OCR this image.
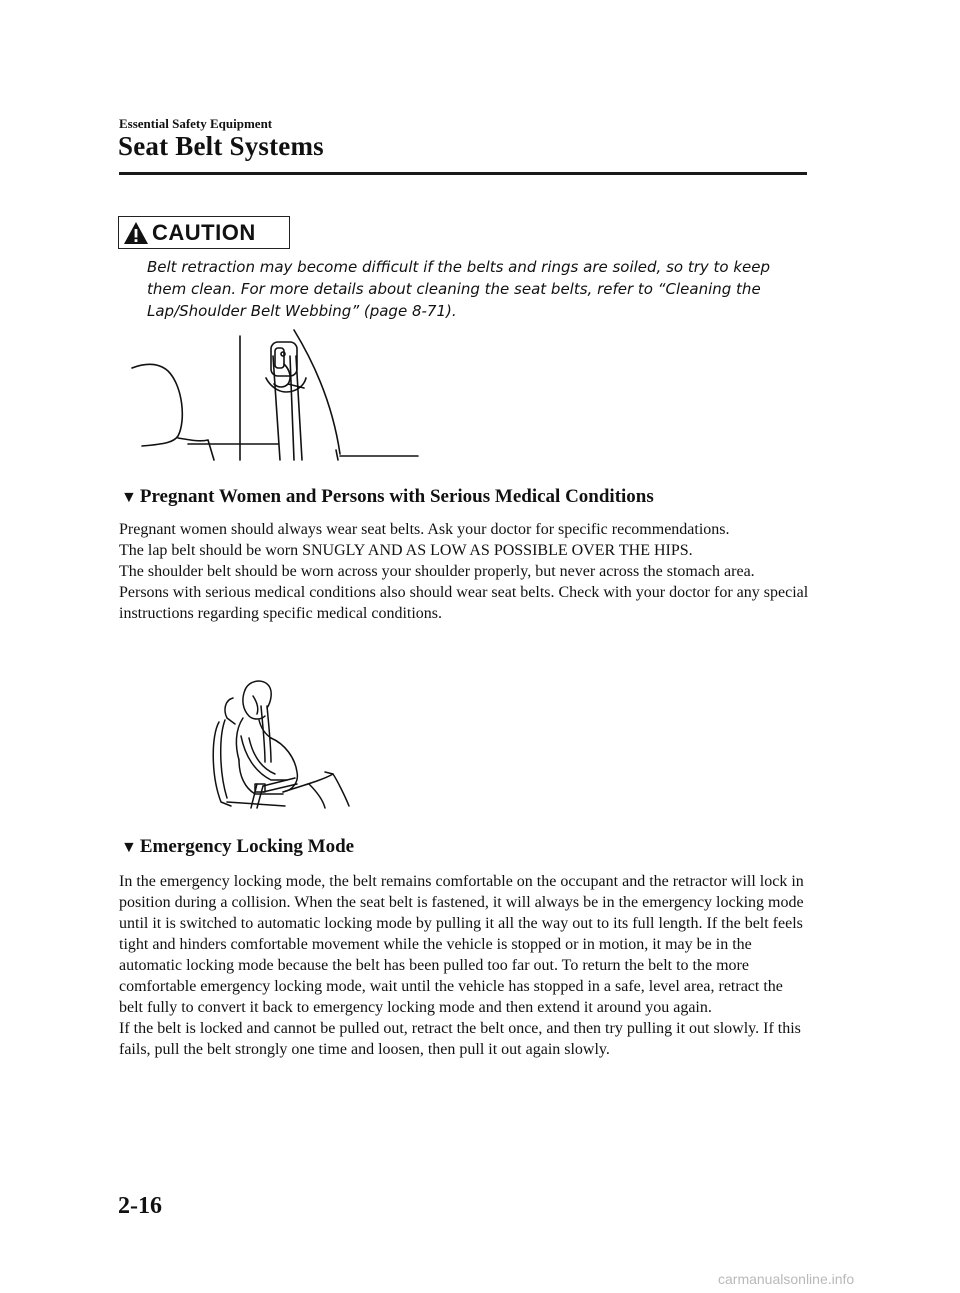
Essential Safety Equipment
Seat Belt Systems
CAUTION
Belt retraction may become difficult if the belts and rings are soiled, so try to keep them clean. For more details about cleaning the seat belts, refer to “Cleaning the Lap/Shoulder Belt Webbing” (page 8-71).
▼ Pregnant Women and Persons with Serious Medical Conditions

Pregnant women should always wear seat belts. Ask your doctor for specific recommendations.

The lap belt should be worn SNUGLY AND AS LOW AS POSSIBLE OVER THE HIPS.

The shoulder belt should be worn across your shoulder properly, but never across the stomach area.

Persons with serious medical conditions also should wear seat belts. Check with your doctor for any special instructions regarding specific medical conditions.

▼ Emergency Locking Mode

In the emergency locking mode, the belt remains comfortable on the occupant and the retractor will lock in position during a collision. When the seat belt is fastened, it will always be in the emergency locking mode until it is switched to automatic locking mode by pulling it all the way out to its full length. If the belt feels tight and hinders comfortable movement while the vehicle is stopped or in motion, it may be in the automatic locking mode because the belt has been pulled too far out. To return the belt to the more comfortable emergency locking mode, wait until the vehicle has stopped in a safe, level area, retract the belt fully to convert it back to emergency locking mode and then extend it around you again.

If the belt is locked and cannot be pulled out, retract the belt once, and then try pulling it out slowly. If this fails, pull the belt strongly one time and loosen, then pull it out again slowly.

2-16
carmanualsonline.info
